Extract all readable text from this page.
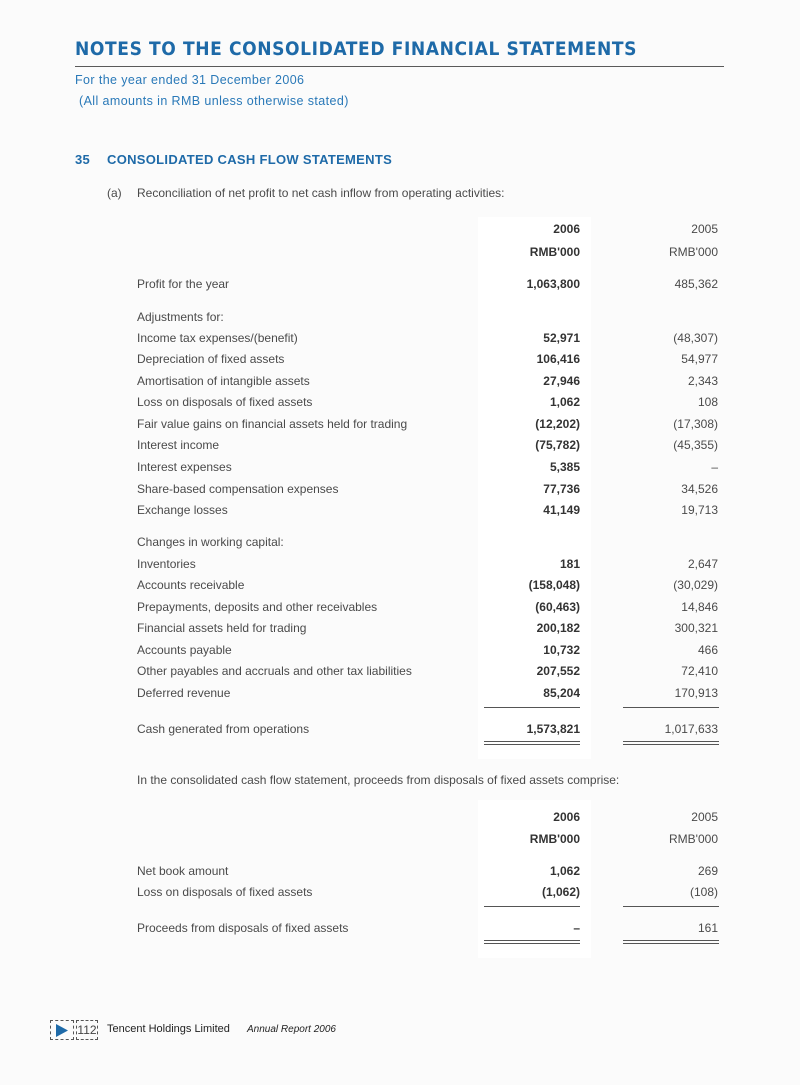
NOTES TO THE CONSOLIDATED FINANCIAL STATEMENTS
For the year ended 31 December 2006
(All amounts in RMB unless otherwise stated)
35 CONSOLIDATED CASH FLOW STATEMENTS
(a) Reconciliation of net profit to net cash inflow from operating activities:
2006	2005
RMB'000	RMB'000
Profit for the year	1,063,800	485,362
Adjustments for:
Income tax expenses/(benefit)	52,971	(48,307)
Depreciation of fixed assets	106,416	54,977
Amortisation of intangible assets	27,946	2,343
Loss on disposals of fixed assets	1,062	108
Fair value gains on financial assets held for trading	(12,202)	(17,308)
Interest income	(75,782)	(45,355)
Interest expenses	5,385	–
Share-based compensation expenses	77,736	34,526
Exchange losses	41,149	19,713
Changes in working capital:
Inventories	181	2,647
Accounts receivable	(158,048)	(30,029)
Prepayments, deposits and other receivables	(60,463)	14,846
Financial assets held for trading	200,182	300,321
Accounts payable	10,732	466
Other payables and accruals and other tax liabilities	207,552	72,410
Deferred revenue	85,204	170,913
Cash generated from operations	1,573,821	1,017,633
In the consolidated cash flow statement, proceeds from disposals of fixed assets comprise:
2006	2005
RMB'000	RMB'000
Net book amount	1,062	269
Loss on disposals of fixed assets	(1,062)	(108)
Proceeds from disposals of fixed assets	–	161
112 Tencent Holdings Limited Annual Report 2006
